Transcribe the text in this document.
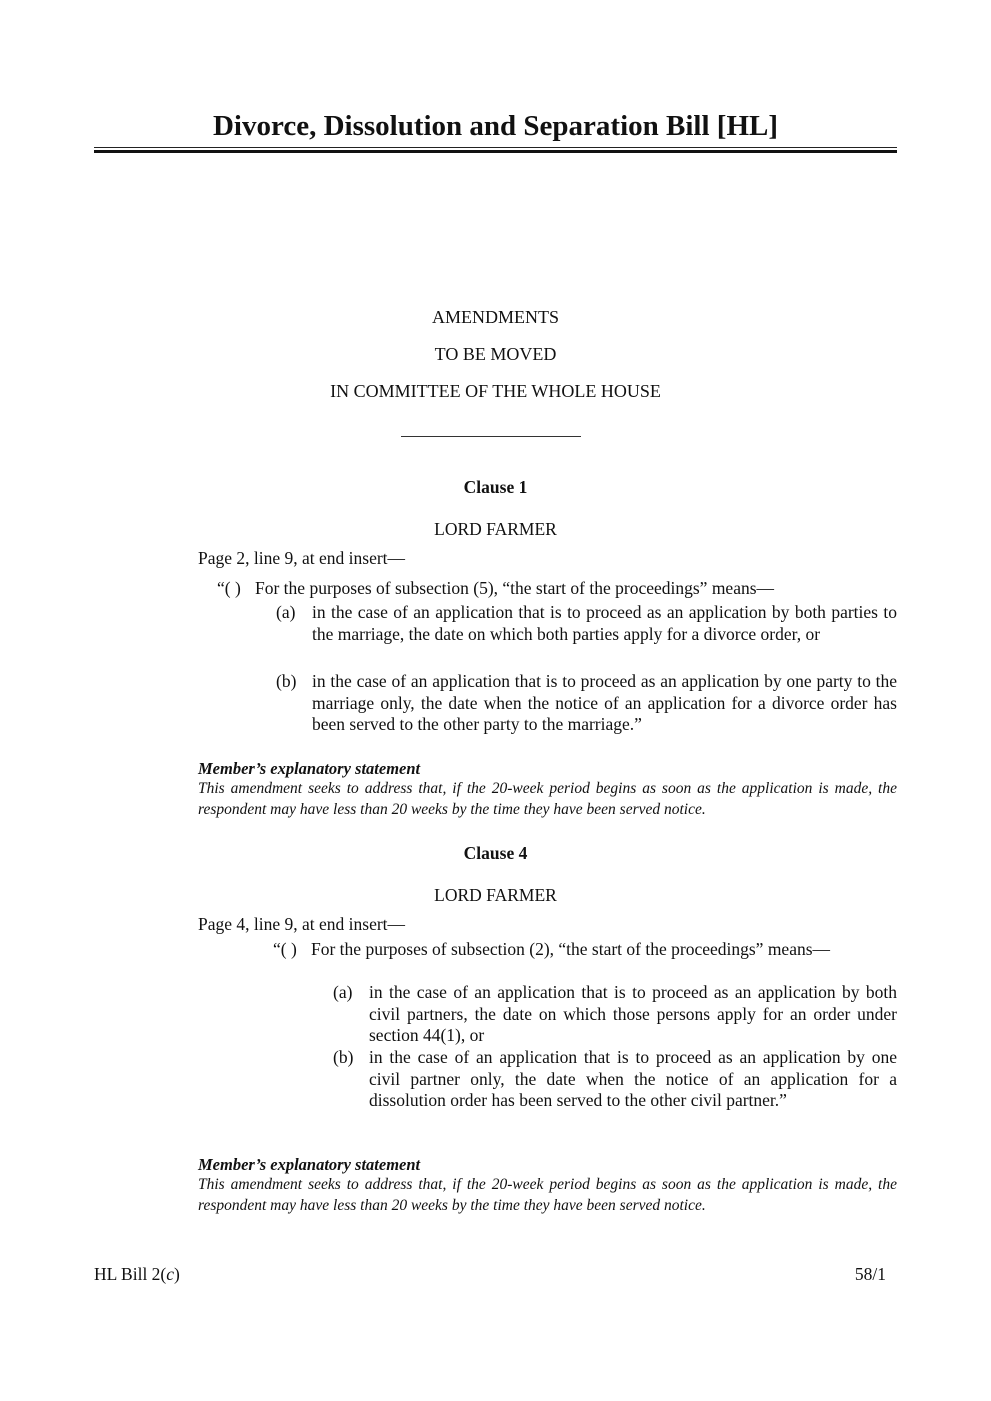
Divorce, Dissolution and Separation Bill [HL]
AMENDMENTS
TO BE MOVED
IN COMMITTEE OF THE WHOLE HOUSE
Clause 1
LORD FARMER
Page 2, line 9, at end insert—
“( ) For the purposes of subsection (5), “the start of the proceedings” means—
(a) in the case of an application that is to proceed as an application by both parties to the marriage, the date on which both parties apply for a divorce order, or
(b) in the case of an application that is to proceed as an application by one party to the marriage only, the date when the notice of an application for a divorce order has been served to the other party to the marriage.”
Member’s explanatory statement
This amendment seeks to address that, if the 20-week period begins as soon as the application is made, the respondent may have less than 20 weeks by the time they have been served notice.
Clause 4
LORD FARMER
Page 4, line 9, at end insert—
“( ) For the purposes of subsection (2), “the start of the proceedings” means—
(a) in the case of an application that is to proceed as an application by both civil partners, the date on which those persons apply for an order under section 44(1), or
(b) in the case of an application that is to proceed as an application by one civil partner only, the date when the notice of an application for a dissolution order has been served to the other civil partner.”
Member’s explanatory statement
This amendment seeks to address that, if the 20-week period begins as soon as the application is made, the respondent may have less than 20 weeks by the time they have been served notice.
HL Bill 2(c)	58/1
